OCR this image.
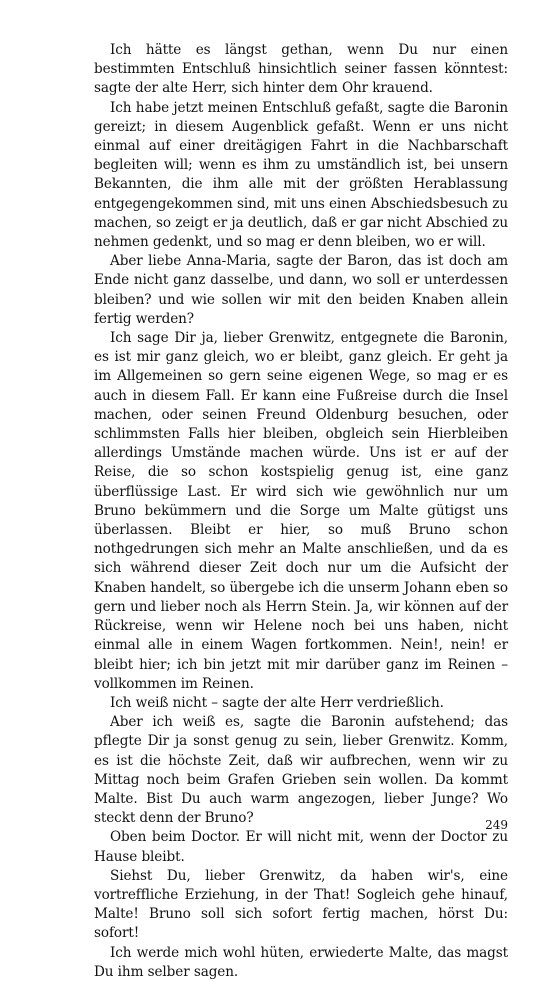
Ich hätte es längst gethan, wenn Du nur einen bestimmten Entschluß hinsichtlich seiner fassen könntest: sagte der alte Herr, sich hinter dem Ohr krauend.

Ich habe jetzt meinen Entschluß gefaßt, sagte die Baronin gereizt; in diesem Augenblick gefaßt. Wenn er uns nicht einmal auf einer dreitägigen Fahrt in die Nachbarschaft begleiten will; wenn es ihm zu umständlich ist, bei unsern Bekannten, die ihm alle mit der größten Herablassung entgegengekommen sind, mit uns einen Abschiedsbesuch zu machen, so zeigt er ja deutlich, daß er gar nicht Abschied zu nehmen gedenkt, und so mag er denn bleiben, wo er will.

Aber liebe Anna-Maria, sagte der Baron, das ist doch am Ende nicht ganz dasselbe, und dann, wo soll er unterdessen bleiben? und wie sollen wir mit den beiden Knaben allein fertig werden?

Ich sage Dir ja, lieber Grenwitz, entgegnete die Baronin, es ist mir ganz gleich, wo er bleibt, ganz gleich. Er geht ja im Allgemeinen so gern seine eigenen Wege, so mag er es auch in diesem Fall. Er kann eine Fußreise durch die Insel machen, oder seinen Freund Oldenburg besuchen, oder schlimmsten Falls hier bleiben, obgleich sein Hierbleiben allerdings Umstände machen würde. Uns ist er auf der Reise, die so schon kostspielig genug ist, eine ganz überflüssige Last. Er wird sich wie gewöhnlich nur um Bruno bekümmern und die Sorge um Malte gütigst uns überlassen. Bleibt er hier, so muß Bruno schon nothgedrungen sich mehr an Malte anschließen, und da es sich während dieser Zeit doch nur um die Aufsicht der Knaben handelt, so übergebe ich die unserm Johann eben so gern und lieber noch als Herrn Stein. Ja, wir können auf der Rückreise, wenn wir Helene noch bei uns haben, nicht einmal alle in einem Wagen fortkommen. Nein!, nein! er bleibt hier; ich bin jetzt mit mir darüber ganz im Reinen – vollkommen im Reinen.

Ich weiß nicht – sagte der alte Herr verdrießlich.

Aber ich weiß es, sagte die Baronin aufstehend; das pflegte Dir ja sonst genug zu sein, lieber Grenwitz. Komm, es ist die höchste Zeit, daß wir aufbrechen, wenn wir zu Mittag noch beim Grafen Grieben sein wollen. Da kommt Malte. Bist Du auch warm angezogen, lieber Junge? Wo steckt denn der Bruno?

Oben beim Doctor. Er will nicht mit, wenn der Doctor zu Hause bleibt.

Siehst Du, lieber Grenwitz, da haben wir's, eine vortreffliche Erziehung, in der That! Sogleich gehe hinauf, Malte! Bruno soll sich sofort fertig machen, hörst Du: sofort!

Ich werde mich wohl hüten, erwiederte Malte, das magst Du ihm selber sagen.

249
